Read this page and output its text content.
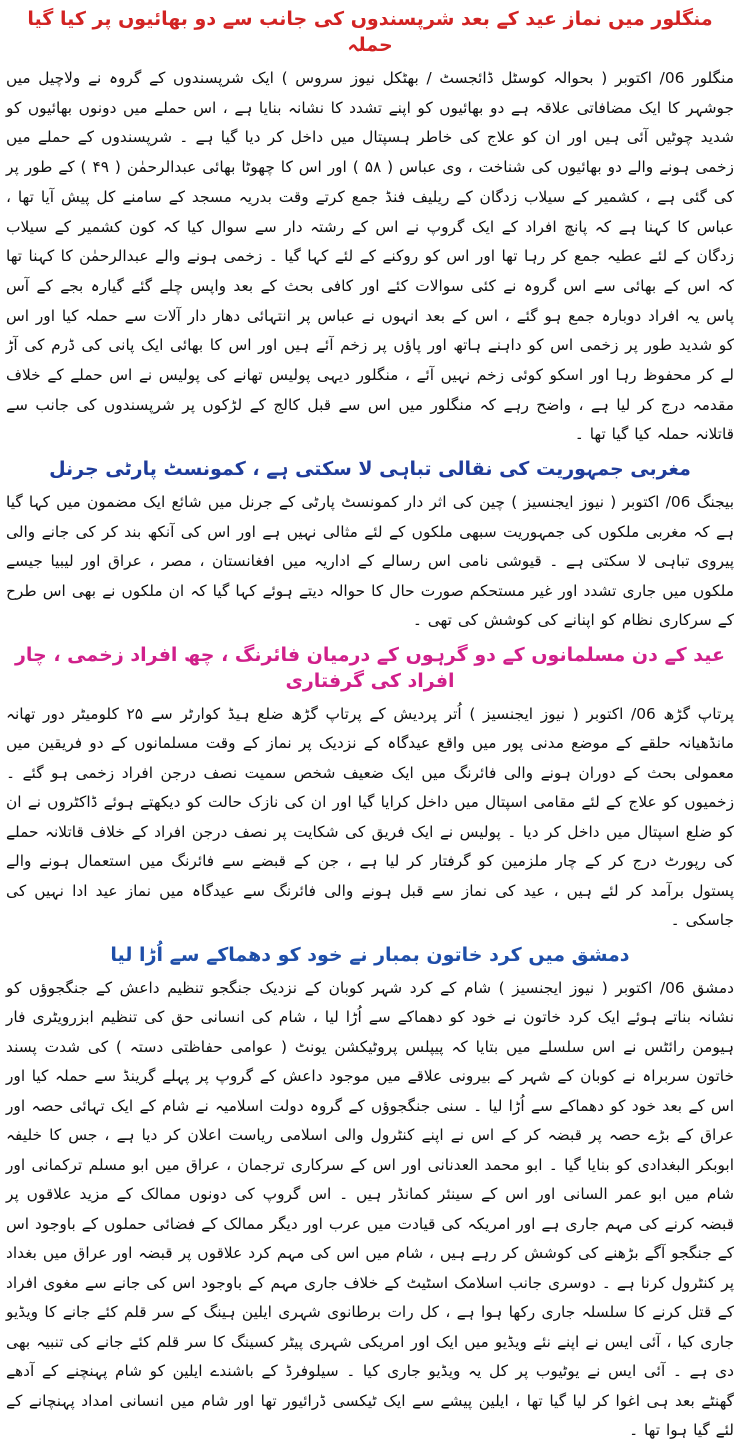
منگلور میں نماز عید کے بعد شرپسندوں کی جانب سے دو بھائیوں پر کیا گیا حملہ

منگلور 06/ اکتوبر ( بحوالہ کوسٹل ڈائجسٹ / بھٹکل نیوز سروس ) ایک شرپسندوں کے گروہ نے ولاچیل میں جوشہر کا ایک مضافاتی علاقہ ہے دو بھائیوں کو اپنے تشدد کا نشانہ بنایا ہے ، اس حملے میں دونوں بھائیوں کو شدید چوٹیں آئی ہیں اور ان کو علاج کی خاطر ہسپتال میں داخل کر دیا گیا ہے ۔ شرپسندوں کے حملے میں زخمی ہونے والے دو بھائیوں کی شناخت ، وی عباس ( ۵۸ ) اور اس کا چھوٹا بھائی عبدالرحمٰن ( ۴۹ ) کے طور پر کی گئی ہے ، کشمیر کے سیلاب زدگان کے ریلیف فنڈ جمع کرتے وقت بدریہ مسجد کے سامنے کل پیش آیا تھا ، عباس کا کہنا ہے کہ پانچ افراد کے ایک گروپ نے اس کے رشتہ دار سے سوال کیا کہ کون کشمیر کے سیلاب زدگان کے لئے عطیہ جمع کر رہا تھا اور اس کو روکنے کے لئے کہا گیا ۔ زخمی ہونے والے عبدالرحمٰن کا کہنا تھا کہ اس کے بھائی سے اس گروہ نے کئی سوالات کئے اور کافی بحث کے بعد واپس چلے گئے گیارہ بجے کے آس پاس یہ افراد دوبارہ جمع ہو گئے ، اس کے بعد انہوں نے عباس پر انتہائی دھار دار آلات سے حملہ کیا اور اس کو شدید طور پر زخمی اس کو داہنے ہاتھ اور پاؤں پر زخم آئے ہیں اور اس کا بھائی ایک پانی کی ڈرم کی آڑ لے کر محفوظ رہا اور اسکو کوئی زخم نہیں آئے ، منگلور دیہی پولیس تھانے کی پولیس نے اس حملے کے خلاف مقدمہ درج کر لیا ہے ، واضح رہے کہ منگلور میں اس سے قبل کالج کے لڑکوں پر شرپسندوں کی جانب سے قاتلانہ حملہ کیا گیا تھا ۔

مغربی جمہوریت کی نقالی تباہی لا سکتی ہے ، کمونسٹ پارٹی جرنل

بیجنگ 06/ اکتوبر ( نیوز ایجنسیز ) چین کی اثر دار کمونسٹ پارٹی کے جرنل میں شائع ایک مضمون میں کہا گیا ہے کہ مغربی ملکوں کی جمہوریت سبھی ملکوں کے لئے مثالی نہیں ہے اور اس کی آنکھ بند کر کی جانے والی پیروی تباہی لا سکتی ہے ۔ قیوشی نامی اس رسالے کے اداریہ میں افغانستان ، مصر ، عراق اور لیبیا جیسے ملکوں میں جاری تشدد اور غیر مستحکم صورت حال کا حوالہ دیتے ہوئے کہا گیا کہ ان ملکوں نے بھی اس طرح کے سرکاری نظام کو اپنانے کی کوشش کی تھی ۔

عید کے دن مسلمانوں کے دو گرہوں کے درمیان فائرنگ ، چھ افراد زخمی ، چار افراد کی گرفتاری

پرتاپ گڑھ 06/ اکتوبر ( نیوز ایجنسیز ) اُتر پردیش کے پرتاپ گڑھ ضلع ہیڈ کوارٹر سے ۲۵ کلومیٹر دور تھانہ مانڈھیانہ حلقے کے موضع مدنی پور میں واقع عیدگاہ کے نزدیک پر نماز کے وقت مسلمانوں کے دو فریقین میں معمولی بحث کے دوران ہونے والی فائرنگ میں ایک ضعیف شخص سمیت نصف درجن افراد زخمی ہو گئے ۔ زخمیوں کو علاج کے لئے مقامی اسپتال میں داخل کرایا گیا اور ان کی نازک حالت کو دیکھتے ہوئے ڈاکٹروں نے ان کو ضلع اسپتال میں داخل کر دیا ۔ پولیس نے ایک فریق کی شکایت پر نصف درجن افراد کے خلاف قاتلانہ حملے کی رپورٹ درج کر کے چار ملزمین کو گرفتار کر لیا ہے ، جن کے قبضے سے فائرنگ میں استعمال ہونے والے پستول برآمد کر لئے ہیں ، عید کی نماز سے قبل ہونے والی فائرنگ سے عیدگاہ میں نماز عید ادا نہیں کی جاسکی ۔

دمشق میں کرد خاتون بمبار نے خود کو دھماکے سے اُڑا لیا

دمشق 06/ اکتوبر ( نیوز ایجنسیز ) شام کے کرد شہر کوبان کے نزدیک جنگجو تنظیم داعش کے جنگجوؤں کو نشانہ بناتے ہوئے ایک کرد خاتون نے خود کو دھماکے سے اُڑا لیا ، شام کی انسانی حق کی تنظیم ابزرویٹری فار ہیومن رائٹس نے اس سلسلے میں بتایا کہ پیپلس پروٹیکشن یونٹ ( عوامی حفاظتی دستہ ) کی شدت پسند خاتون سربراہ نے کوبان کے شہر کے بیرونی علاقے میں موجود داعش کے گروپ پر پہلے گرینڈ سے حملہ کیا اور اس کے بعد خود کو دھماکے سے اُڑا لیا ۔ سنی جنگجوؤں کے گروہ دولت اسلامیہ نے شام کے ایک تہائی حصہ اور عراق کے بڑے حصہ پر قبضہ کر کے اس نے اپنے کنٹرول والی اسلامی ریاست اعلان کر دیا ہے ، جس کا خلیفہ ابوبکر البغدادی کو بنایا گیا ۔ ابو محمد العدنانی اور اس کے سرکاری ترجمان ، عراق میں ابو مسلم ترکمانی اور شام میں ابو عمر السانی اور اس کے سینئر کمانڈر ہیں ۔ اس گروپ کی دونوں ممالک کے مزید علاقوں پر قبضہ کرنے کی مہم جاری ہے اور امریکہ کی قیادت میں عرب اور دیگر ممالک کے فضائی حملوں کے باوجود اس کے جنگجو آگے بڑھنے کی کوشش کر رہے ہیں ، شام میں اس کی مہم کرد علاقوں پر قبضہ اور عراق میں بغداد پر کنٹرول کرنا ہے ۔ دوسری جانب اسلامک اسٹیٹ کے خلاف جاری مہم کے باوجود اس کی جانے سے مغوی افراد کے قتل کرنے کا سلسلہ جاری رکھا ہوا ہے ، کل رات برطانوی شہری ایلین ہینگ کے سر قلم کئے جانے کا ویڈیو جاری کیا ، آئی ایس نے اپنے نئے ویڈیو میں ایک اور امریکی شہری پیٹر کسینگ کا سر قلم کئے جانے کی تنبیہ بھی دی ہے ۔ آئی ایس نے یوٹیوب پر کل یہ ویڈیو جاری کیا ۔ سیلوفرڈ کے باشندے ایلین کو شام پہنچنے کے آدھے گھنٹے بعد ہی اغوا کر لیا گیا تھا ، ایلین پیشے سے ایک ٹیکسی ڈرائیور تھا اور شام میں انسانی امداد پہنچانے کے لئے گیا ہوا تھا ۔
